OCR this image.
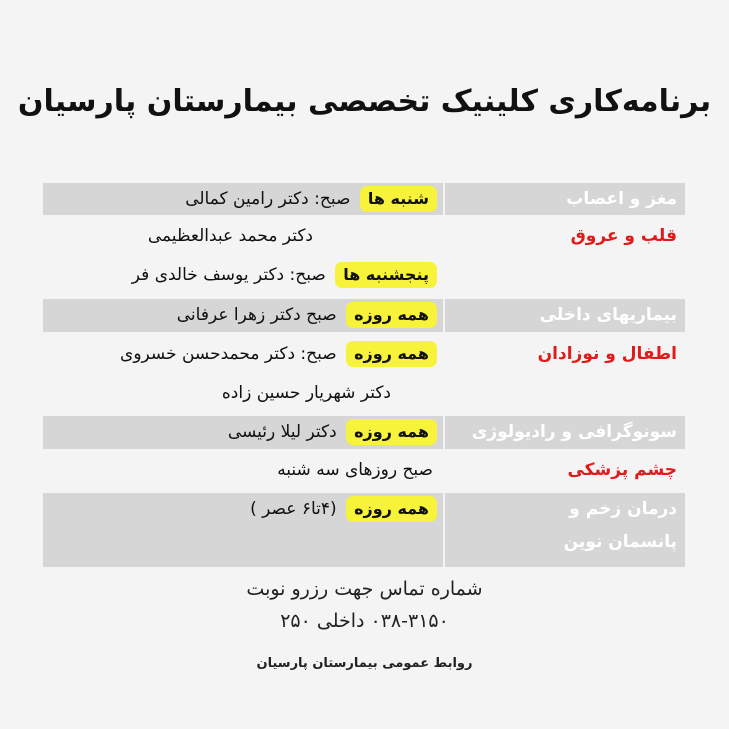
برنامه‌کاری کلینیک تخصصی بیمارستان پارسیان
مغز و اعصاب
شنبه ها صبح: دکتر رامین کمالی
قلب و عروق
دکتر محمد عبدالعظیمی
پنجشنبه ها صبح: دکتر یوسف خالدی فر
بیماریهای داخلی
همه روزه صبح دکتر زهرا عرفانی
اطفال و نوزادان
همه روزه صبح: دکتر محمدحسن خسروی
دکتر شهریار حسین زاده
سونوگرافی و رادیولوژی
همه روزه دکتر لیلا رئیسی
چشم پزشکی
صبح روزهای سه شنبه
درمان زخم و
پانسمان نوین
همه روزه (۴تا۶ عصر )

شماره تماس جهت رزرو نوبت

۰۳۸-۳۱۵۰ داخلی ۲۵۰

روابط عمومی بیمارستان پارسیان
